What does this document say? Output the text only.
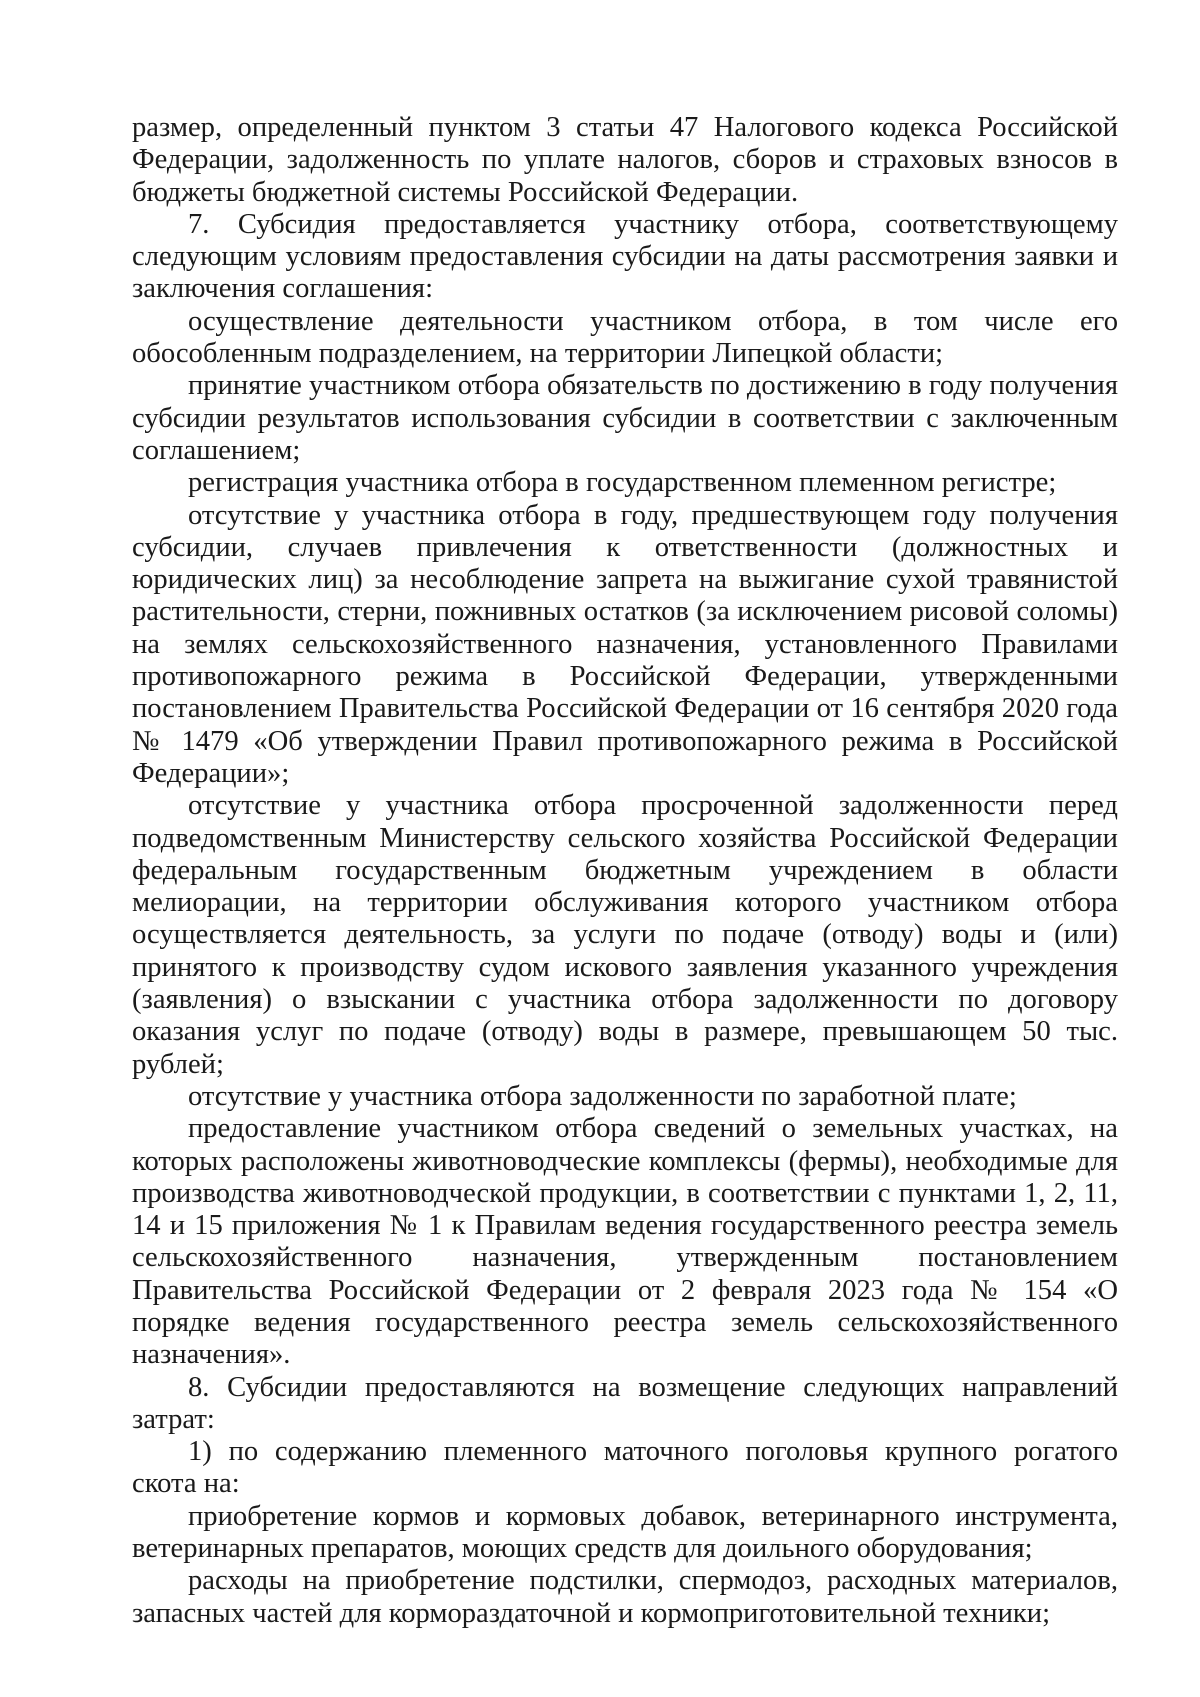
размер, определенный пунктом 3 статьи 47 Налогового кодекса Российской Федерации, задолженность по уплате налогов, сборов и страховых взносов в бюджеты бюджетной системы Российской Федерации.

7. Субсидия предоставляется участнику отбора, соответствующему следующим условиям предоставления субсидии на даты рассмотрения заявки и заключения соглашения:

осуществление деятельности участником отбора, в том числе его обособленным подразделением, на территории Липецкой области;

принятие участником отбора обязательств по достижению в году получения субсидии результатов использования субсидии в соответствии с заключенным соглашением;

регистрация участника отбора в государственном племенном регистре;

отсутствие у участника отбора в году, предшествующем году получения субсидии, случаев привлечения к ответственности (должностных и юридических лиц) за несоблюдение запрета на выжигание сухой травянистой растительности, стерни, пожнивных остатков (за исключением рисовой соломы) на землях сельскохозяйственного назначения, установленного Правилами противопожарного режима в Российской Федерации, утвержденными постановлением Правительства Российской Федерации от 16 сентября 2020 года № 1479 «Об утверждении Правил противопожарного режима в Российской Федерации»;

отсутствие у участника отбора просроченной задолженности перед подведомственным Министерству сельского хозяйства Российской Федерации федеральным государственным бюджетным учреждением в области мелиорации, на территории обслуживания которого участником отбора осуществляется деятельность, за услуги по подаче (отводу) воды и (или) принятого к производству судом искового заявления указанного учреждения (заявления) о взыскании с участника отбора задолженности по договору оказания услуг по подаче (отводу) воды в размере, превышающем 50 тыс. рублей;

отсутствие у участника отбора задолженности по заработной плате;

предоставление участником отбора сведений о земельных участках, на которых расположены животноводческие комплексы (фермы), необходимые для производства животноводческой продукции, в соответствии с пунктами 1, 2, 11, 14 и 15 приложения № 1 к Правилам ведения государственного реестра земель сельскохозяйственного назначения, утвержденным постановлением Правительства Российской Федерации от 2 февраля 2023 года № 154 «О порядке ведения государственного реестра земель сельскохозяйственного назначения».

8. Субсидии предоставляются на возмещение следующих направлений затрат:

1) по содержанию племенного маточного поголовья крупного рогатого скота на:

приобретение кормов и кормовых добавок, ветеринарного инструмента, ветеринарных препаратов, моющих средств для доильного оборудования;

расходы на приобретение подстилки, спермодоз, расходных материалов, запасных частей для кормораздаточной и кормоприготовительной техники;
